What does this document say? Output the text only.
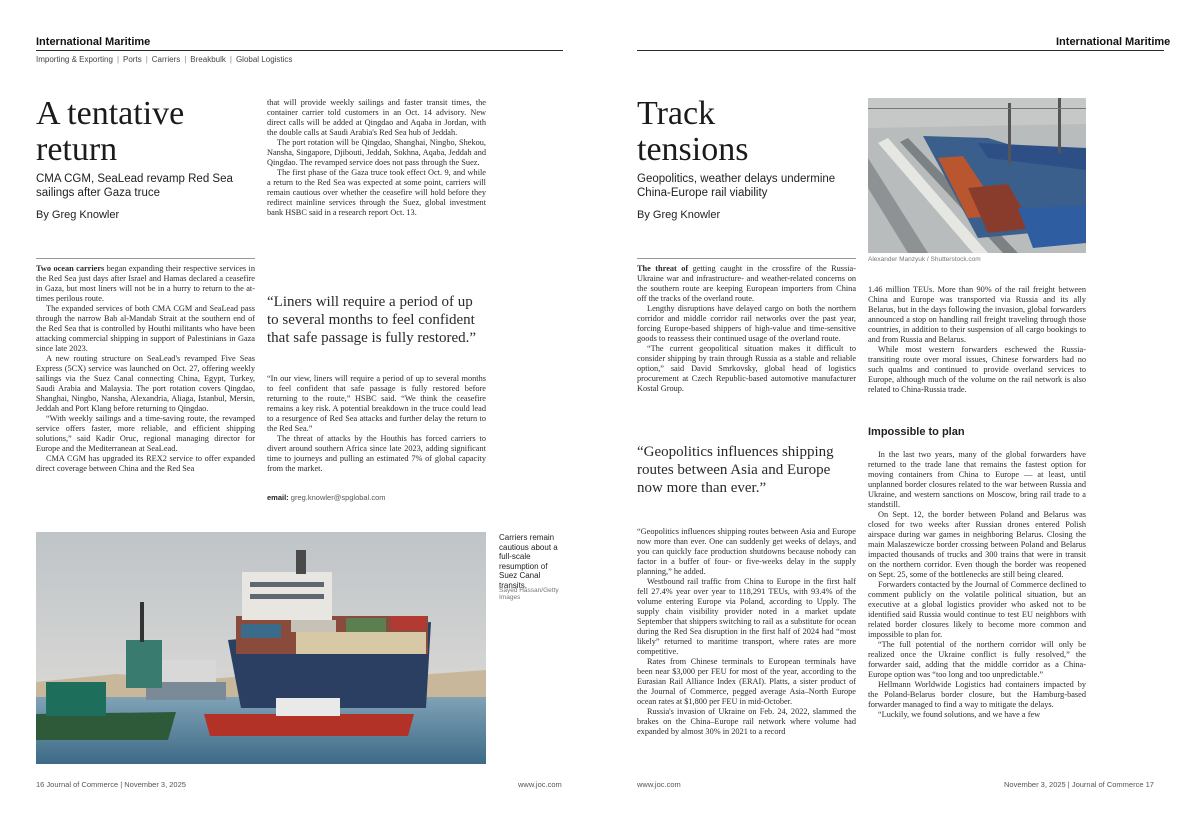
International Maritime
Importing & Exporting | Ports | Carriers | Breakbulk | Global Logistics
A tentative
return
CMA CGM, SeaLead revamp Red Sea sailings after Gaza truce
By Greg Knowler

Two ocean carriers began expanding their respective services in the Red Sea just days after Israel and Hamas declared a ceasefire in Gaza, but most liners will not be in a hurry to return to the at-times perilous route.

The expanded services of both CMA CGM and SeaLead pass through the narrow Bab al-Mandab Strait at the southern end of the Red Sea that is controlled by Houthi militants who have been attacking commercial shipping in support of Palestinians in Gaza since late 2023.

A new routing structure on SeaLead's revamped Five Seas Express (5CX) service was launched on Oct. 27, offering weekly sailings via the Suez Canal connecting China, Egypt, Turkey, Saudi Arabia and Malaysia. The port rotation covers Qingdao, Shanghai, Ningbo, Nansha, Alexandria, Aliaga, Istanbul, Mersin, Jeddah and Port Klang before returning to Qingdao.

“With weekly sailings and a time-saving route, the revamped service offers faster, more reliable, and efficient shipping solutions,” said Kadir Oruc, regional managing director for Europe and the Mediterranean at SeaLead.

CMA CGM has upgraded its REX2 service to offer expanded direct coverage between China and the Red Sea

that will provide weekly sailings and faster transit times, the container carrier told customers in an Oct. 14 advisory. New direct calls will be added at Qingdao and Aqaba in Jordan, with the double calls at Saudi Arabia's Red Sea hub of Jeddah.

The port rotation will be Qingdao, Shanghai, Ningbo, Shekou, Nansha, Singapore, Djibouti, Jeddah, Sokhna, Aqaba, Jeddah and Qingdao. The revamped service does not pass through the Suez.

The first phase of the Gaza truce took effect Oct. 9, and while a return to the Red Sea was expected at some point, carriers will remain cautious over whether the ceasefire will hold before they redirect mainline services through the Suez, global investment bank HSBC said in a research report Oct. 13.

“Liners will require a period of up to several months to feel confident that safe passage is fully restored.”

“In our view, liners will require a period of up to several months to feel confident that safe passage is fully restored before returning to the route,” HSBC said. “We think the ceasefire remains a key risk. A potential breakdown in the truce could lead to a resurgence of Red Sea attacks and further delay the return to the Red Sea.”

The threat of attacks by the Houthis has forced carriers to divert around southern Africa since late 2023, adding significant time to journeys and pulling an estimated 7% of global capacity from the market.

email: greg.knowler@spglobal.com
Carriers remain cautious about a full-scale resumption of Suez Canal transits.
Sayed Hassan/Getty Images
16 Journal of Commerce | November 3, 2025	www.joc.com
International Maritime
Track
tensions
Geopolitics, weather delays undermine China-Europe rail viability
By Greg Knowler
Alexander Manzyuk / Shutterstock.com

The threat of getting caught in the crossfire of the Russia-Ukraine war and infrastructure- and weather-related concerns on the southern route are keeping European importers from China off the tracks of the overland route.

Lengthy disruptions have delayed cargo on both the northern corridor and middle corridor rail networks over the past year, forcing Europe-based shippers of high-value and time-sensitive goods to reassess their continued usage of the overland route.

“The current geopolitical situation makes it difficult to consider shipping by train through Russia as a stable and reliable option,” said David Smrkovsky, global head of logistics procurement at Czech Republic-based automotive manufacturer Kostal Group.

“Geopolitics influences shipping routes between Asia and Europe now more than ever.”

“Geopolitics influences shipping routes between Asia and Europe now more than ever. One can suddenly get weeks of delays, and you can quickly face production shutdowns because nobody can factor in a buffer of four- or five-weeks delay in the supply planning,” he added.

Westbound rail traffic from China to Europe in the first half fell 27.4% year over year to 118,291 TEUs, with 93.4% of the volume entering Europe via Poland, according to Upply. The supply chain visibility provider noted in a market update September that shippers switching to rail as a substitute for ocean during the Red Sea disruption in the first half of 2024 had “most likely” returned to maritime transport, where rates are more competitive.

Rates from Chinese terminals to European terminals have been near $3,000 per FEU for most of the year, according to the Eurasian Rail Alliance Index (ERAI). Platts, a sister product of the Journal of Commerce, pegged average Asia–North Europe ocean rates at $1,800 per FEU in mid-October.

Russia's invasion of Ukraine on Feb. 24, 2022, slammed the brakes on the China–Europe rail network where volume had expanded by almost 30% in 2021 to a record

1.46 million TEUs. More than 90% of the rail freight between China and Europe was transported via Russia and its ally Belarus, but in the days following the invasion, global forwarders announced a stop on handling rail freight traveling through those countries, in addition to their suspension of all cargo bookings to and from Russia and Belarus.

While most western forwarders eschewed the Russia-transiting route over moral issues, Chinese forwarders had no such qualms and continued to provide overland services to Europe, although much of the volume on the rail network is also related to China-Russia trade.

Impossible to plan

In the last two years, many of the global forwarders have returned to the trade lane that remains the fastest option for moving containers from China to Europe — at least, until unplanned border closures related to the war between Russia and Ukraine, and western sanctions on Moscow, bring rail trade to a standstill.

On Sept. 12, the border between Poland and Belarus was closed for two weeks after Russian drones entered Polish airspace during war games in neighboring Belarus. Closing the main Malaszewicze border crossing between Poland and Belarus impacted thousands of trucks and 300 trains that were in transit on the northern corridor. Even though the border was reopened on Sept. 25, some of the bottlenecks are still being cleared.

Forwarders contacted by the Journal of Commerce declined to comment publicly on the volatile political situation, but an executive at a global logistics provider who asked not to be identified said Russia would continue to test EU neighbors with related border closures likely to become more common and impossible to plan for.

“The full potential of the northern corridor will only be realized once the Ukraine conflict is fully resolved,” the forwarder said, adding that the middle corridor as a China-Europe option was “too long and too unpredictable.”

Hellmann Worldwide Logistics had containers impacted by the Poland-Belarus border closure, but the Hamburg-based forwarder managed to find a way to mitigate the delays.

“Luckily, we found solutions, and we have a few

www.joc.com	November 3, 2025 | Journal of Commerce 17
